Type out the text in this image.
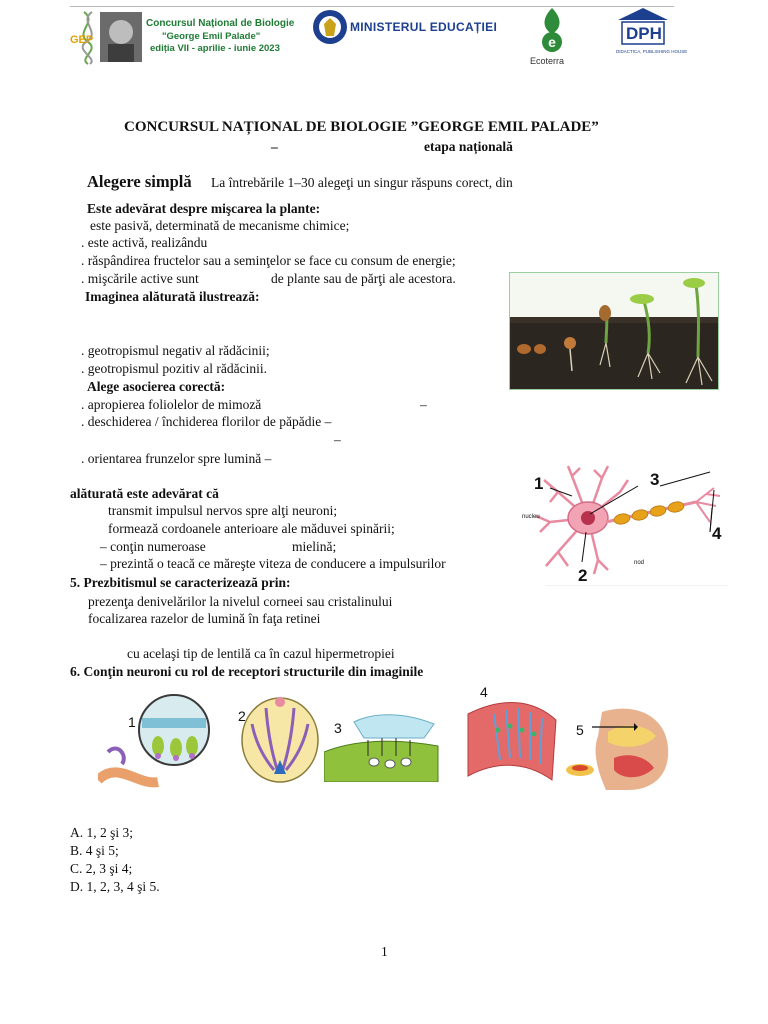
GEP
Concursul Național de Biologie
"George Emil Palade"
ediția VII - aprilie - iunie 2023
MINISTERUL EDUCAȚIEI
e
Ecoterra
DPH
DIDACTICA, PUBLISHING HOUSE
CONCURSUL NAȚIONAL DE BIOLOGIE ”GEORGE EMIL PALADE”
–	etapa națională
Alegere simplă La întrebările 1–30 alegeţi un singur răspuns corect, din
Este adevărat despre mişcarea la plante:
este pasivă, determinată de mecanisme chimice;
. este activă, realizându
. răspândirea fructelor sau a seminţelor se face cu consum de energie;
. mişcările active sunt	de plante sau de părţi ale acestora.
Imaginea alăturată ilustrează:
. geotropismul negativ al rădăcinii;
. geotropismul pozitiv al rădăcinii.
Alege asocierea corectă:
. apropierea foliolelor de mimoză	–
. deschiderea / închiderea florilor de păpădie –
–
. orientarea frunzelor spre lumină –
alăturată este adevărat că
transmit impulsul nervos spre alţi neuroni;
formează cordoanele anterioare ale măduvei spinării;
– conţin numeroase	mielină;
– prezintă o teacă ce măreşte viteza de conducere a impulsurilor
1	3
4
2
nucleu
nod
5. Prezbitismul se caracterizează prin:
prezenţa denivelărilor la nivelul corneei sau cristalinului
focalizarea razelor de lumină în faţa retinei
cu acelaşi tip de lentilă ca în cazul hipermetropiei
6. Conţin neuroni cu rol de receptori structurile din imaginile
1	2
3
4
5
A. 1, 2 şi 3;
B. 4 şi 5;
C. 2, 3 şi 4;
D. 1, 2, 3, 4 şi 5.
1
